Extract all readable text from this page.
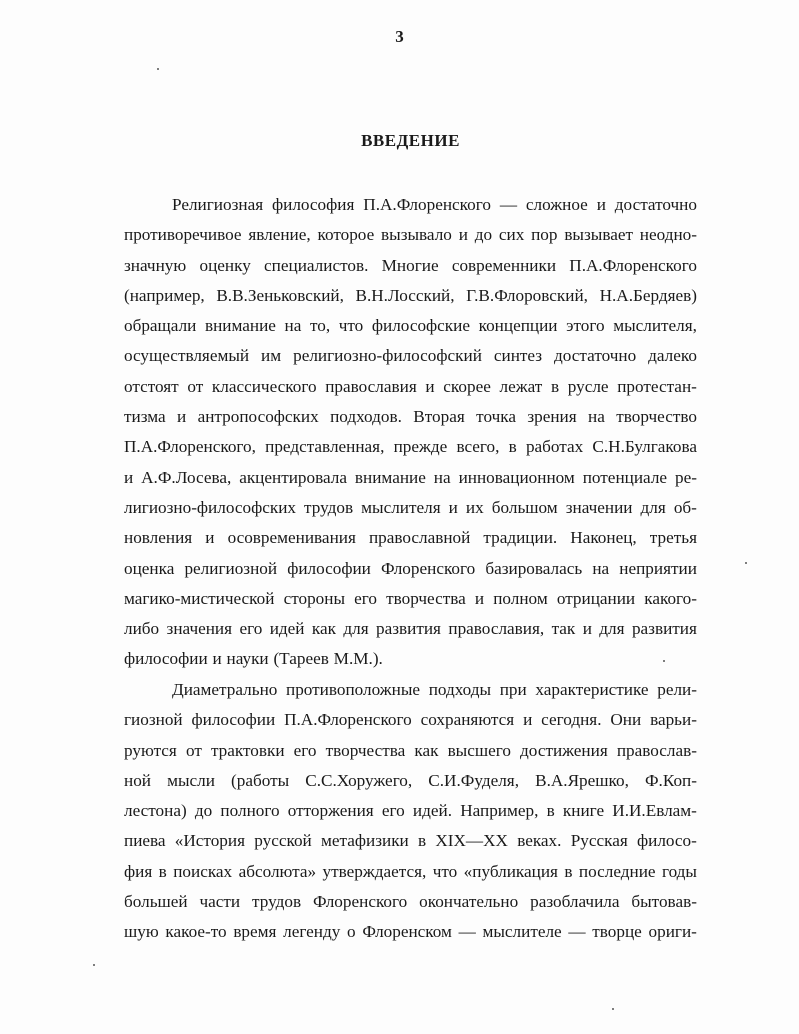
3
ВВЕДЕНИЕ
Религиозная философия П.А.Флоренского — сложное и достаточно
противоречивое явление, которое вызывало и до сих пор вызывает неодно-
значную оценку специалистов. Многие современники П.А.Флоренского
(например, В.В.Зеньковский, В.Н.Лосский, Г.В.Флоровский, Н.А.Бердяев)
обращали внимание на то, что философские концепции этого мыслителя,
осуществляемый им религиозно-философский синтез достаточно далеко
отстоят от классического православия и скорее лежат в русле протестан-
тизма и антропософских подходов. Вторая точка зрения на творчество
П.А.Флоренского, представленная, прежде всего, в работах С.Н.Булгакова
и А.Ф.Лосева, акцентировала внимание на инновационном потенциале ре-
лигиозно-философских трудов мыслителя и их большом значении для об-
новления и осовременивания православной традиции. Наконец, третья
оценка религиозной философии Флоренского базировалась на неприятии
магико-мистической стороны его творчества и полном отрицании какого-
либо значения его идей как для развития православия, так и для развития
философии и науки (Тареев М.М.).
Диаметрально противоположные подходы при характеристике рели-
гиозной философии П.А.Флоренского сохраняются и сегодня. Они варьи-
руются от трактовки его творчества как высшего достижения православ-
ной мысли (работы С.С.Хоружего, С.И.Фуделя, В.А.Ярешко, Ф.Коп-
лестона) до полного отторжения его идей. Например, в книге И.И.Евлам-
пиева «История русской метафизики в XIX—XX веках. Русская филосо-
фия в поисках абсолюта» утверждается, что «публикация в последние годы
большей части трудов Флоренского окончательно разоблачила бытовав-
шую какое-то время легенду о Флоренском — мыслителе — творце ориги-
